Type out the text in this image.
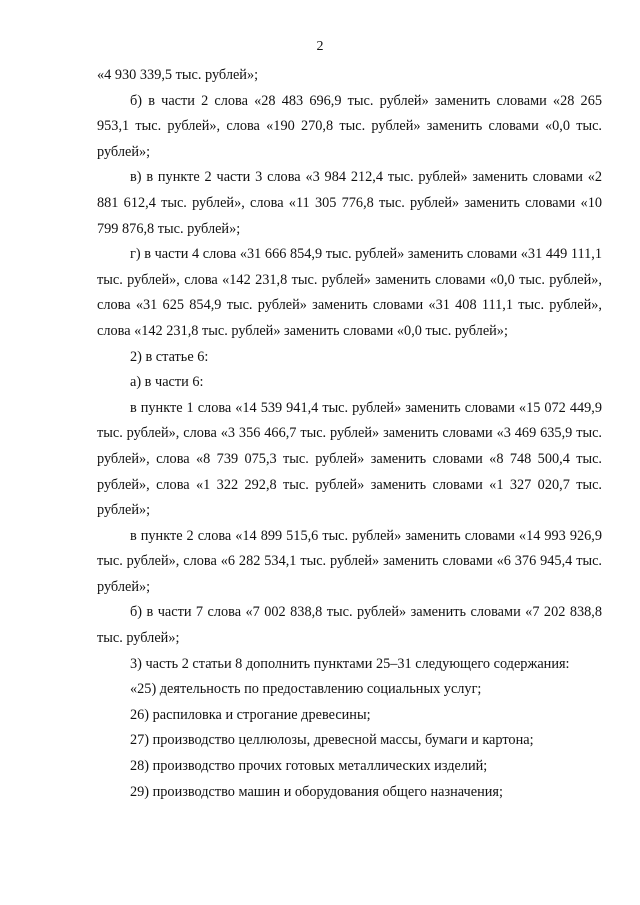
2

«4 930 339,5 тыс. рублей»;

б) в части 2 слова «28 483 696,9 тыс. рублей» заменить словами «28 265 953,1 тыс. рублей», слова «190 270,8 тыс. рублей» заменить словами «0,0 тыс. рублей»;

в) в пункте 2 части 3 слова «3 984 212,4 тыс. рублей» заменить словами «2 881 612,4 тыс. рублей», слова «11 305 776,8 тыс. рублей» заменить словами «10 799 876,8 тыс. рублей»;

г) в части 4 слова «31 666 854,9 тыс. рублей» заменить словами «31 449 111,1 тыс. рублей», слова «142 231,8 тыс. рублей» заменить словами «0,0 тыс. рублей», слова «31 625 854,9 тыс. рублей» заменить словами «31 408 111,1 тыс. рублей», слова «142 231,8 тыс. рублей» заменить словами «0,0 тыс. рублей»;

2) в статье 6:

а) в части 6:

в пункте 1 слова «14 539 941,4 тыс. рублей» заменить словами «15 072 449,9 тыс. рублей», слова «3 356 466,7 тыс. рублей» заменить словами «3 469 635,9 тыс. рублей», слова «8 739 075,3 тыс. рублей» заменить словами «8 748 500,4 тыс. рублей», слова «1 322 292,8 тыс. рублей» заменить словами «1 327 020,7 тыс. рублей»;

в пункте 2 слова «14 899 515,6 тыс. рублей» заменить словами «14 993 926,9 тыс. рублей», слова «6 282 534,1 тыс. рублей» заменить словами «6 376 945,4 тыс. рублей»;

б) в части 7 слова «7 002 838,8 тыс. рублей» заменить словами «7 202 838,8 тыс. рублей»;

3) часть 2 статьи 8 дополнить пунктами 25–31 следующего содержания:

«25) деятельность по предоставлению социальных услуг;

26) распиловка и строгание древесины;

27) производство целлюлозы, древесной массы, бумаги и картона;

28) производство прочих готовых металлических изделий;

29) производство машин и оборудования общего назначения;
